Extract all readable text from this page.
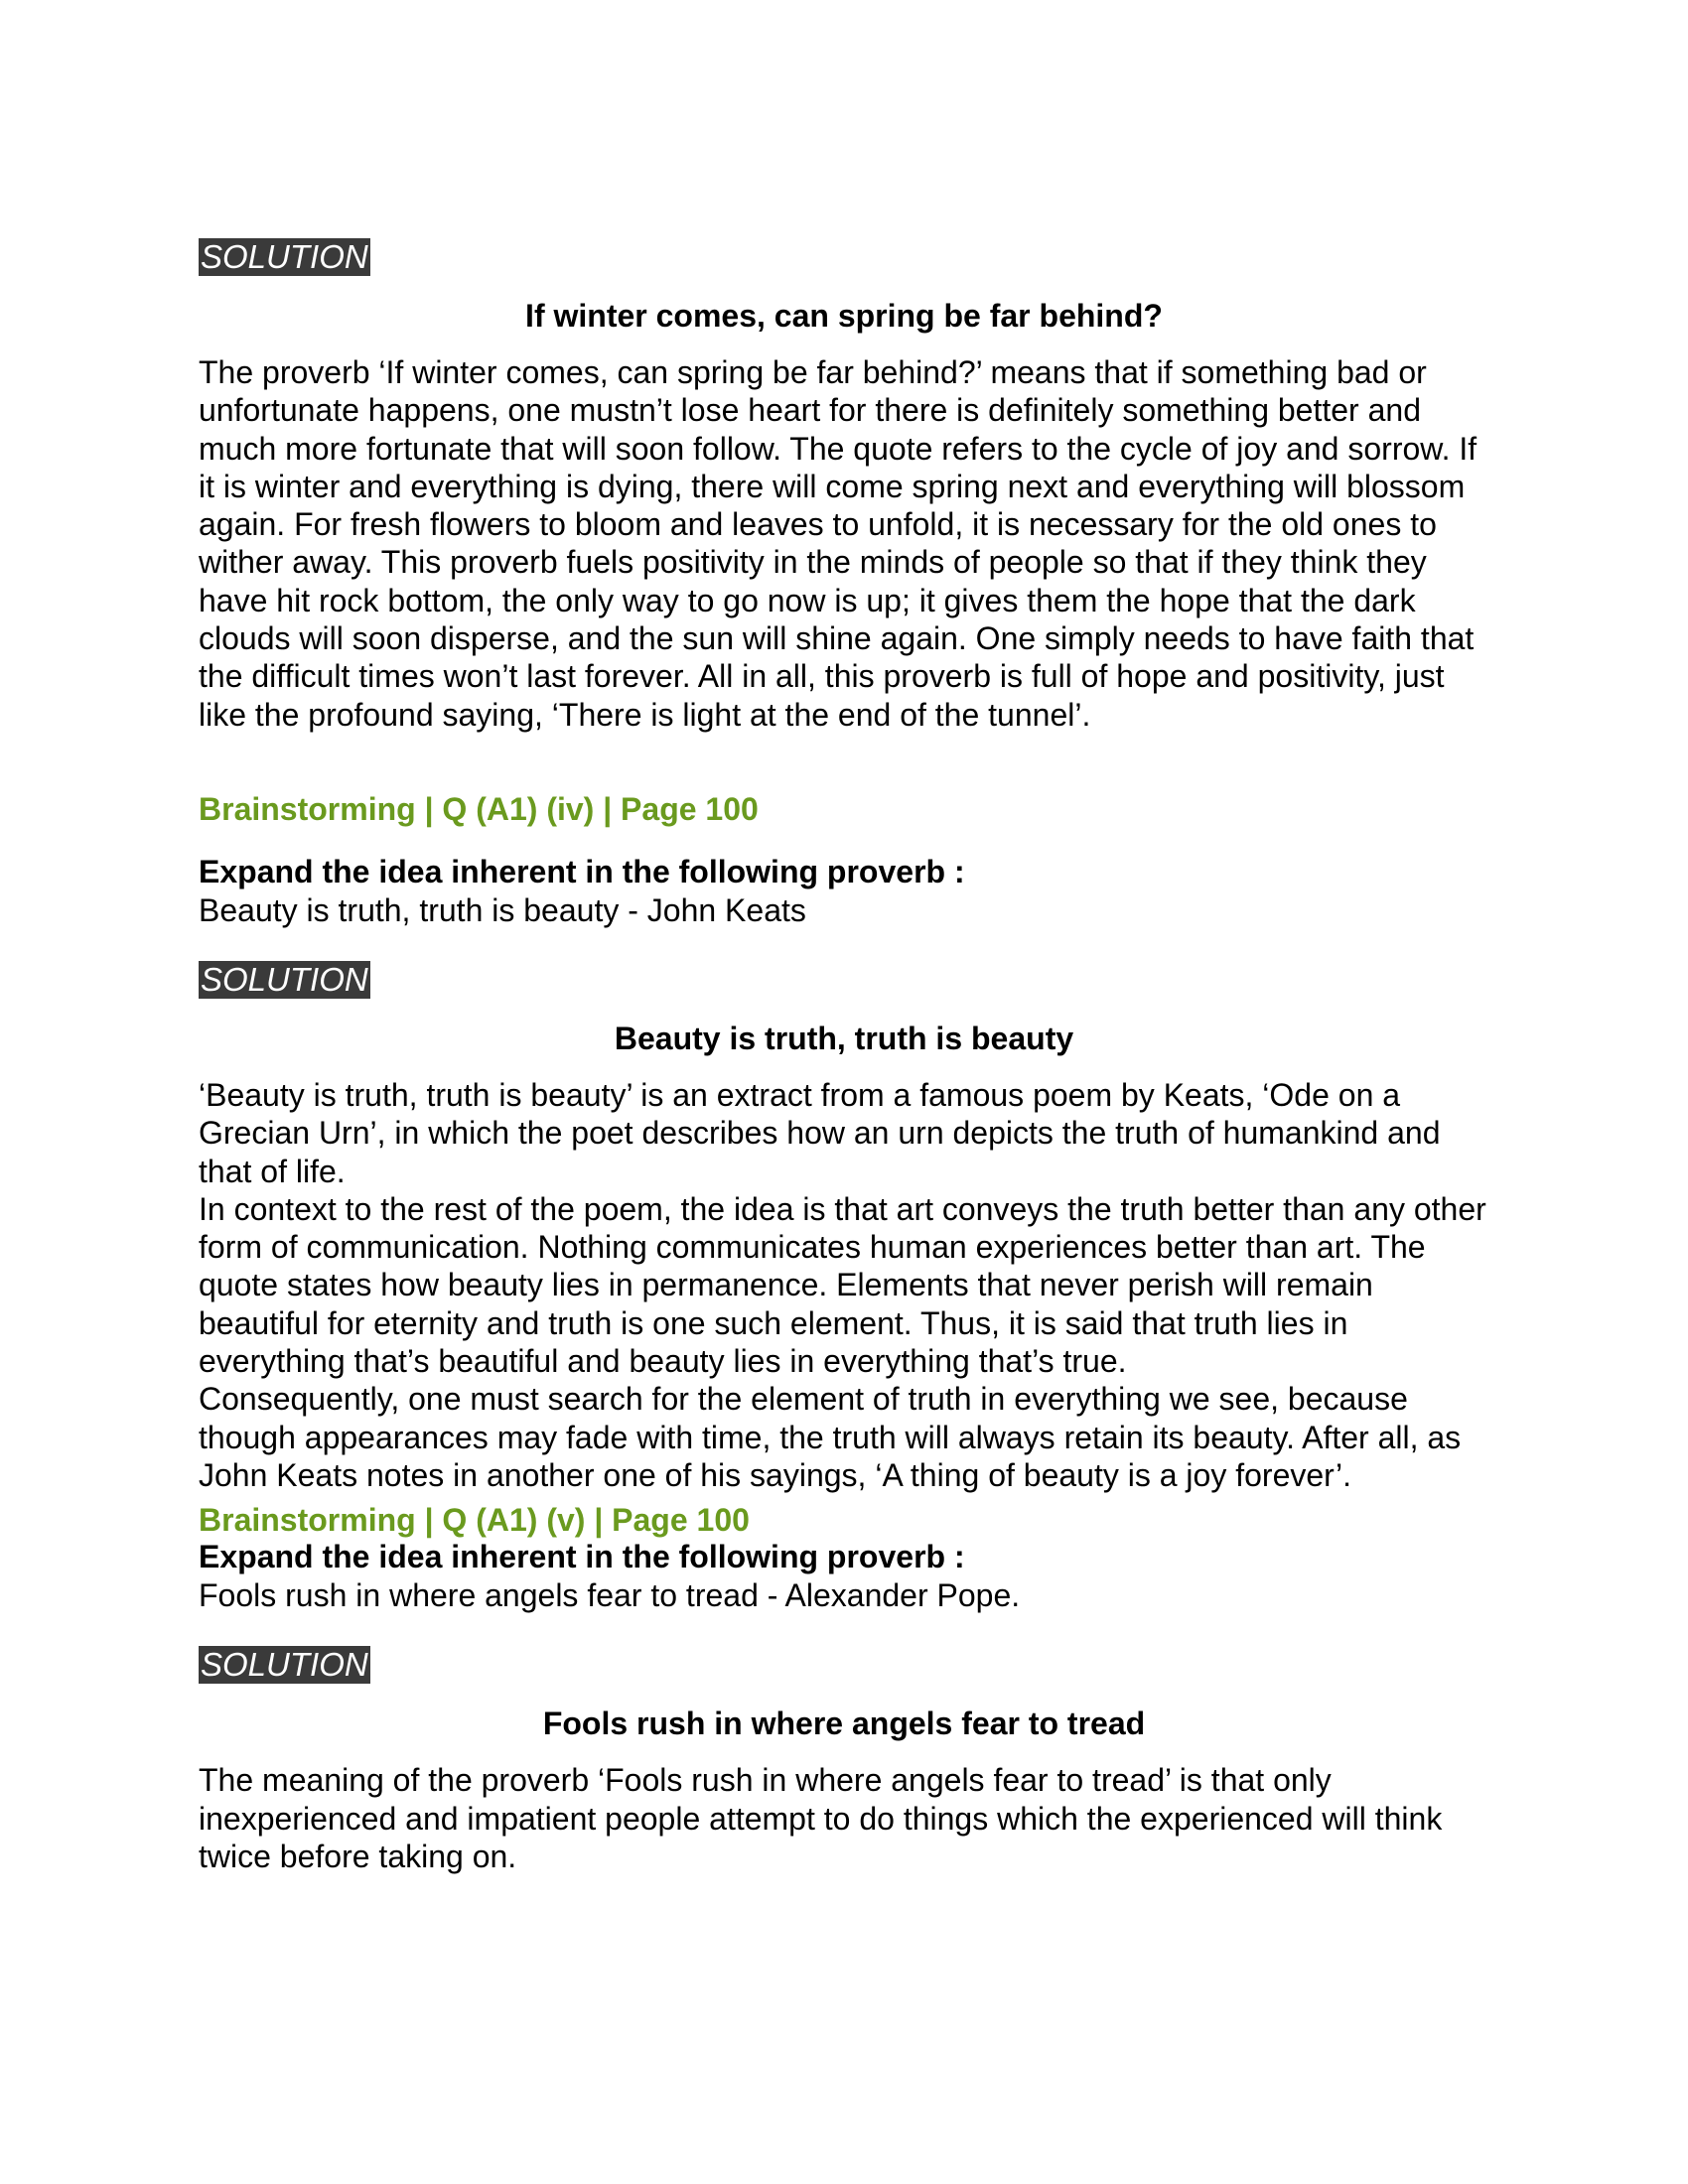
SOLUTION
If winter comes, can spring be far behind?

The proverb ‘If winter comes, can spring be far behind?’ means that if something bad or unfortunate happens, one mustn’t lose heart for there is definitely something better and much more fortunate that will soon follow. The quote refers to the cycle of joy and sorrow. If it is winter and everything is dying, there will come spring next and everything will blossom again. For fresh flowers to bloom and leaves to unfold, it is necessary for the old ones to wither away. This proverb fuels positivity in the minds of people so that if they think they have hit rock bottom, the only way to go now is up; it gives them the hope that the dark clouds will soon disperse, and the sun will shine again. One simply needs to have faith that the difficult times won’t last forever. All in all, this proverb is full of hope and positivity, just like the profound saying, ‘There is light at the end of the tunnel’.

Brainstorming | Q (A1) (iv) | Page 100
Expand the idea inherent in the following proverb :
Beauty is truth, truth is beauty - John Keats
SOLUTION
Beauty is truth, truth is beauty

‘Beauty is truth, truth is beauty’ is an extract from a famous poem by Keats, ‘Ode on a Grecian Urn’, in which the poet describes how an urn depicts the truth of humankind and that of life.

In context to the rest of the poem, the idea is that art conveys the truth better than any other form of communication. Nothing communicates human experiences better than art. The quote states how beauty lies in permanence. Elements that never perish will remain beautiful for eternity and truth is one such element. Thus, it is said that truth lies in everything that’s beautiful and beauty lies in everything that’s true.

Consequently, one must search for the element of truth in everything we see, because though appearances may fade with time, the truth will always retain its beauty. After all, as John Keats notes in another one of his sayings, ‘A thing of beauty is a joy forever’.

Brainstorming | Q (A1) (v) | Page 100
Expand the idea inherent in the following proverb :
Fools rush in where angels fear to tread - Alexander Pope.
SOLUTION
Fools rush in where angels fear to tread

The meaning of the proverb ‘Fools rush in where angels fear to tread’ is that only inexperienced and impatient people attempt to do things which the experienced will think twice before taking on.
